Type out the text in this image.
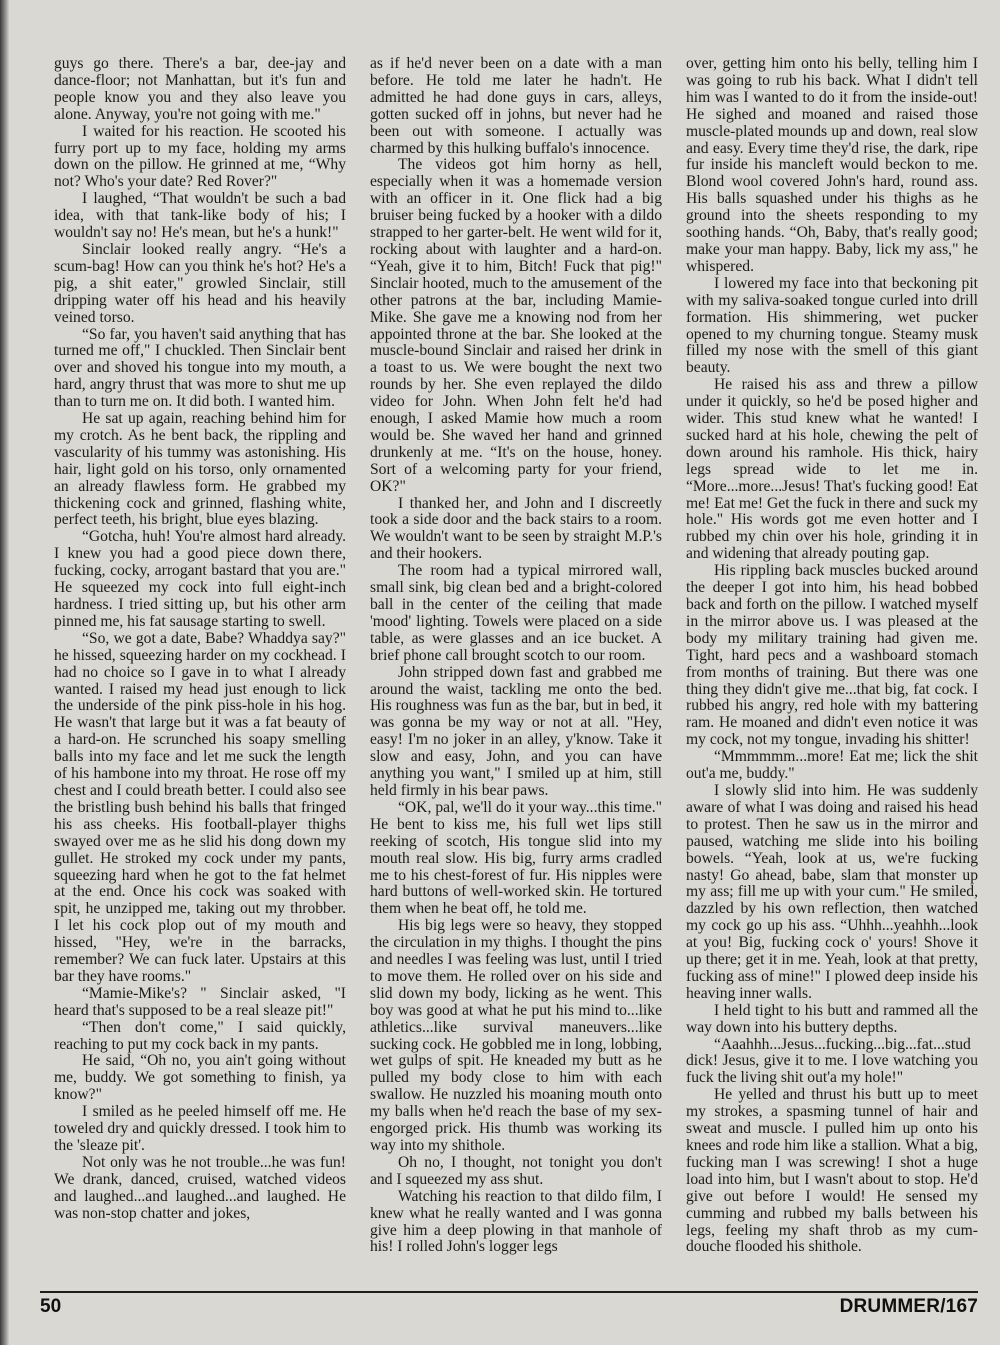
guys go there. There's a bar, dee-jay and dance-floor; not Manhattan, but it's fun and people know you and they also leave you alone. Anyway, you're not going with me."

I waited for his reaction. He scooted his furry port up to my face, holding my arms down on the pillow. He grinned at me, “Why not? Who's your date? Red Rover?"

I laughed, “That wouldn't be such a bad idea, with that tank-like body of his; I wouldn't say no! He's mean, but he's a hunk!"

Sinclair looked really angry. “He's a scum-bag! How can you think he's hot? He's a pig, a shit eater," growled Sinclair, still dripping water off his head and his heavily veined torso.

“So far, you haven't said anything that has turned me off," I chuckled. Then Sinclair bent over and shoved his tongue into my mouth, a hard, angry thrust that was more to shut me up than to turn me on. It did both. I wanted him.

He sat up again, reaching behind him for my crotch. As he bent back, the rippling and vascularity of his tummy was astonishing. His hair, light gold on his torso, only ornamented an already flawless form. He grabbed my thickening cock and grinned, flashing white, perfect teeth, his bright, blue eyes blazing.

“Gotcha, huh! You're almost hard already. I knew you had a good piece down there, fucking, cocky, arrogant bastard that you are." He squeezed my cock into full eight-inch hardness. I tried sitting up, but his other arm pinned me, his fat sausage starting to swell.

“So, we got a date, Babe? Whaddya say?" he hissed, squeezing harder on my cockhead. I had no choice so I gave in to what I already wanted. I raised my head just enough to lick the underside of the pink piss-hole in his hog. He wasn't that large but it was a fat beauty of a hard-on. He scrunched his soapy smelling balls into my face and let me suck the length of his hambone into my throat. He rose off my chest and I could breath better. I could also see the bristling bush behind his balls that fringed his ass cheeks. His football-player thighs swayed over me as he slid his dong down my gullet. He stroked my cock under my pants, squeezing hard when he got to the fat helmet at the end. Once his cock was soaked with spit, he unzipped me, taking out my throbber. I let his cock plop out of my mouth and hissed, "Hey, we're in the barracks, remember? We can fuck later. Upstairs at this bar they have rooms."

“Mamie-Mike's? " Sinclair asked, "I heard that's supposed to be a real sleaze pit!"

“Then don't come," I said quickly, reaching to put my cock back in my pants.

He said, “Oh no, you ain't going without me, buddy. We got something to finish, ya know?"

I smiled as he peeled himself off me. He toweled dry and quickly dressed. I took him to the 'sleaze pit'.

Not only was he not trouble...he was fun! We drank, danced, cruised, watched videos and laughed...and laughed...and laughed. He was non-stop chatter and jokes,

as if he'd never been on a date with a man before. He told me later he hadn't. He admitted he had done guys in cars, alleys, gotten sucked off in johns, but never had he been out with someone. I actually was charmed by this hulking buffalo's innocence.

The videos got him horny as hell, especially when it was a homemade version with an officer in it. One flick had a big bruiser being fucked by a hooker with a dildo strapped to her garter-belt. He went wild for it, rocking about with laughter and a hard-on. “Yeah, give it to him, Bitch! Fuck that pig!" Sinclair hooted, much to the amusement of the other patrons at the bar, including Mamie-Mike. She gave me a knowing nod from her appointed throne at the bar. She looked at the muscle-bound Sinclair and raised her drink in a toast to us. We were bought the next two rounds by her. She even replayed the dildo video for John. When John felt he'd had enough, I asked Mamie how much a room would be. She waved her hand and grinned drunkenly at me. “It's on the house, honey. Sort of a welcoming party for your friend, OK?"

I thanked her, and John and I discreetly took a side door and the back stairs to a room. We wouldn't want to be seen by straight M.P.'s and their hookers.

The room had a typical mirrored wall, small sink, big clean bed and a bright-colored ball in the center of the ceiling that made 'mood' lighting. Towels were placed on a side table, as were glasses and an ice bucket. A brief phone call brought scotch to our room.

John stripped down fast and grabbed me around the waist, tackling me onto the bed. His roughness was fun as the bar, but in bed, it was gonna be my way or not at all. "Hey, easy! I'm no joker in an alley, y'know. Take it slow and easy, John, and you can have anything you want," I smiled up at him, still held firmly in his bear paws.

“OK, pal, we'll do it your way...this time." He bent to kiss me, his full wet lips still reeking of scotch, His tongue slid into my mouth real slow. His big, furry arms cradled me to his chest-forest of fur. His nipples were hard buttons of well-worked skin. He tortured them when he beat off, he told me.

His big legs were so heavy, they stopped the circulation in my thighs. I thought the pins and needles I was feeling was lust, until I tried to move them. He rolled over on his side and slid down my body, licking as he went. This boy was good at what he put his mind to...like athletics...like survival maneuvers...like sucking cock. He gobbled me in long, lobbing, wet gulps of spit. He kneaded my butt as he pulled my body close to him with each swallow. He nuzzled his moaning mouth onto my balls when he'd reach the base of my sex-engorged prick. His thumb was working its way into my shithole.

Oh no, I thought, not tonight you don't and I squeezed my ass shut.

Watching his reaction to that dildo film, I knew what he really wanted and I was gonna give him a deep plowing in that manhole of his! I rolled John's logger legs

over, getting him onto his belly, telling him I was going to rub his back. What I didn't tell him was I wanted to do it from the inside-out! He sighed and moaned and raised those muscle-plated mounds up and down, real slow and easy. Every time they'd rise, the dark, ripe fur inside his mancleft would beckon to me. Blond wool covered John's hard, round ass. His balls squashed under his thighs as he ground into the sheets responding to my soothing hands. “Oh, Baby, that's really good; make your man happy. Baby, lick my ass," he whispered.

I lowered my face into that beckoning pit with my saliva-soaked tongue curled into drill formation. His shimmering, wet pucker opened to my churning tongue. Steamy musk filled my nose with the smell of this giant beauty.

He raised his ass and threw a pillow under it quickly, so he'd be posed higher and wider. This stud knew what he wanted! I sucked hard at his hole, chewing the pelt of down around his ramhole. His thick, hairy legs spread wide to let me in. “More...more...Jesus! That's fucking good! Eat me! Eat me! Get the fuck in there and suck my hole." His words got me even hotter and I rubbed my chin over his hole, grinding it in and widening that already pouting gap.

His rippling back muscles bucked around the deeper I got into him, his head bobbed back and forth on the pillow. I watched myself in the mirror above us. I was pleased at the body my military training had given me. Tight, hard pecs and a washboard stomach from months of training. But there was one thing they didn't give me...that big, fat cock. I rubbed his angry, red hole with my battering ram. He moaned and didn't even notice it was my cock, not my tongue, invading his shitter!

“Mmmmmm...more! Eat me; lick the shit out'a me, buddy."

I slowly slid into him. He was suddenly aware of what I was doing and raised his head to protest. Then he saw us in the mirror and paused, watching me slide into his boiling bowels. “Yeah, look at us, we're fucking nasty! Go ahead, babe, slam that monster up my ass; fill me up with your cum." He smiled, dazzled by his own reflection, then watched my cock go up his ass. “Uhhh...yeahhh...look at you! Big, fucking cock o' yours! Shove it up there; get it in me. Yeah, look at that pretty, fucking ass of mine!" I plowed deep inside his heaving inner walls.

I held tight to his butt and rammed all the way down into his buttery depths.

“Aaahhh...Jesus...fucking...big...fat...stud dick! Jesus, give it to me. I love watching you fuck the living shit out'a my hole!"

He yelled and thrust his butt up to meet my strokes, a spasming tunnel of hair and sweat and muscle. I pulled him up onto his knees and rode him like a stallion. What a big, fucking man I was screwing! I shot a huge load into him, but I wasn't about to stop. He'd give out before I would! He sensed my cumming and rubbed my balls between his legs, feeling my shaft throb as my cum-douche flooded his shithole.

50	DRUMMER/167
